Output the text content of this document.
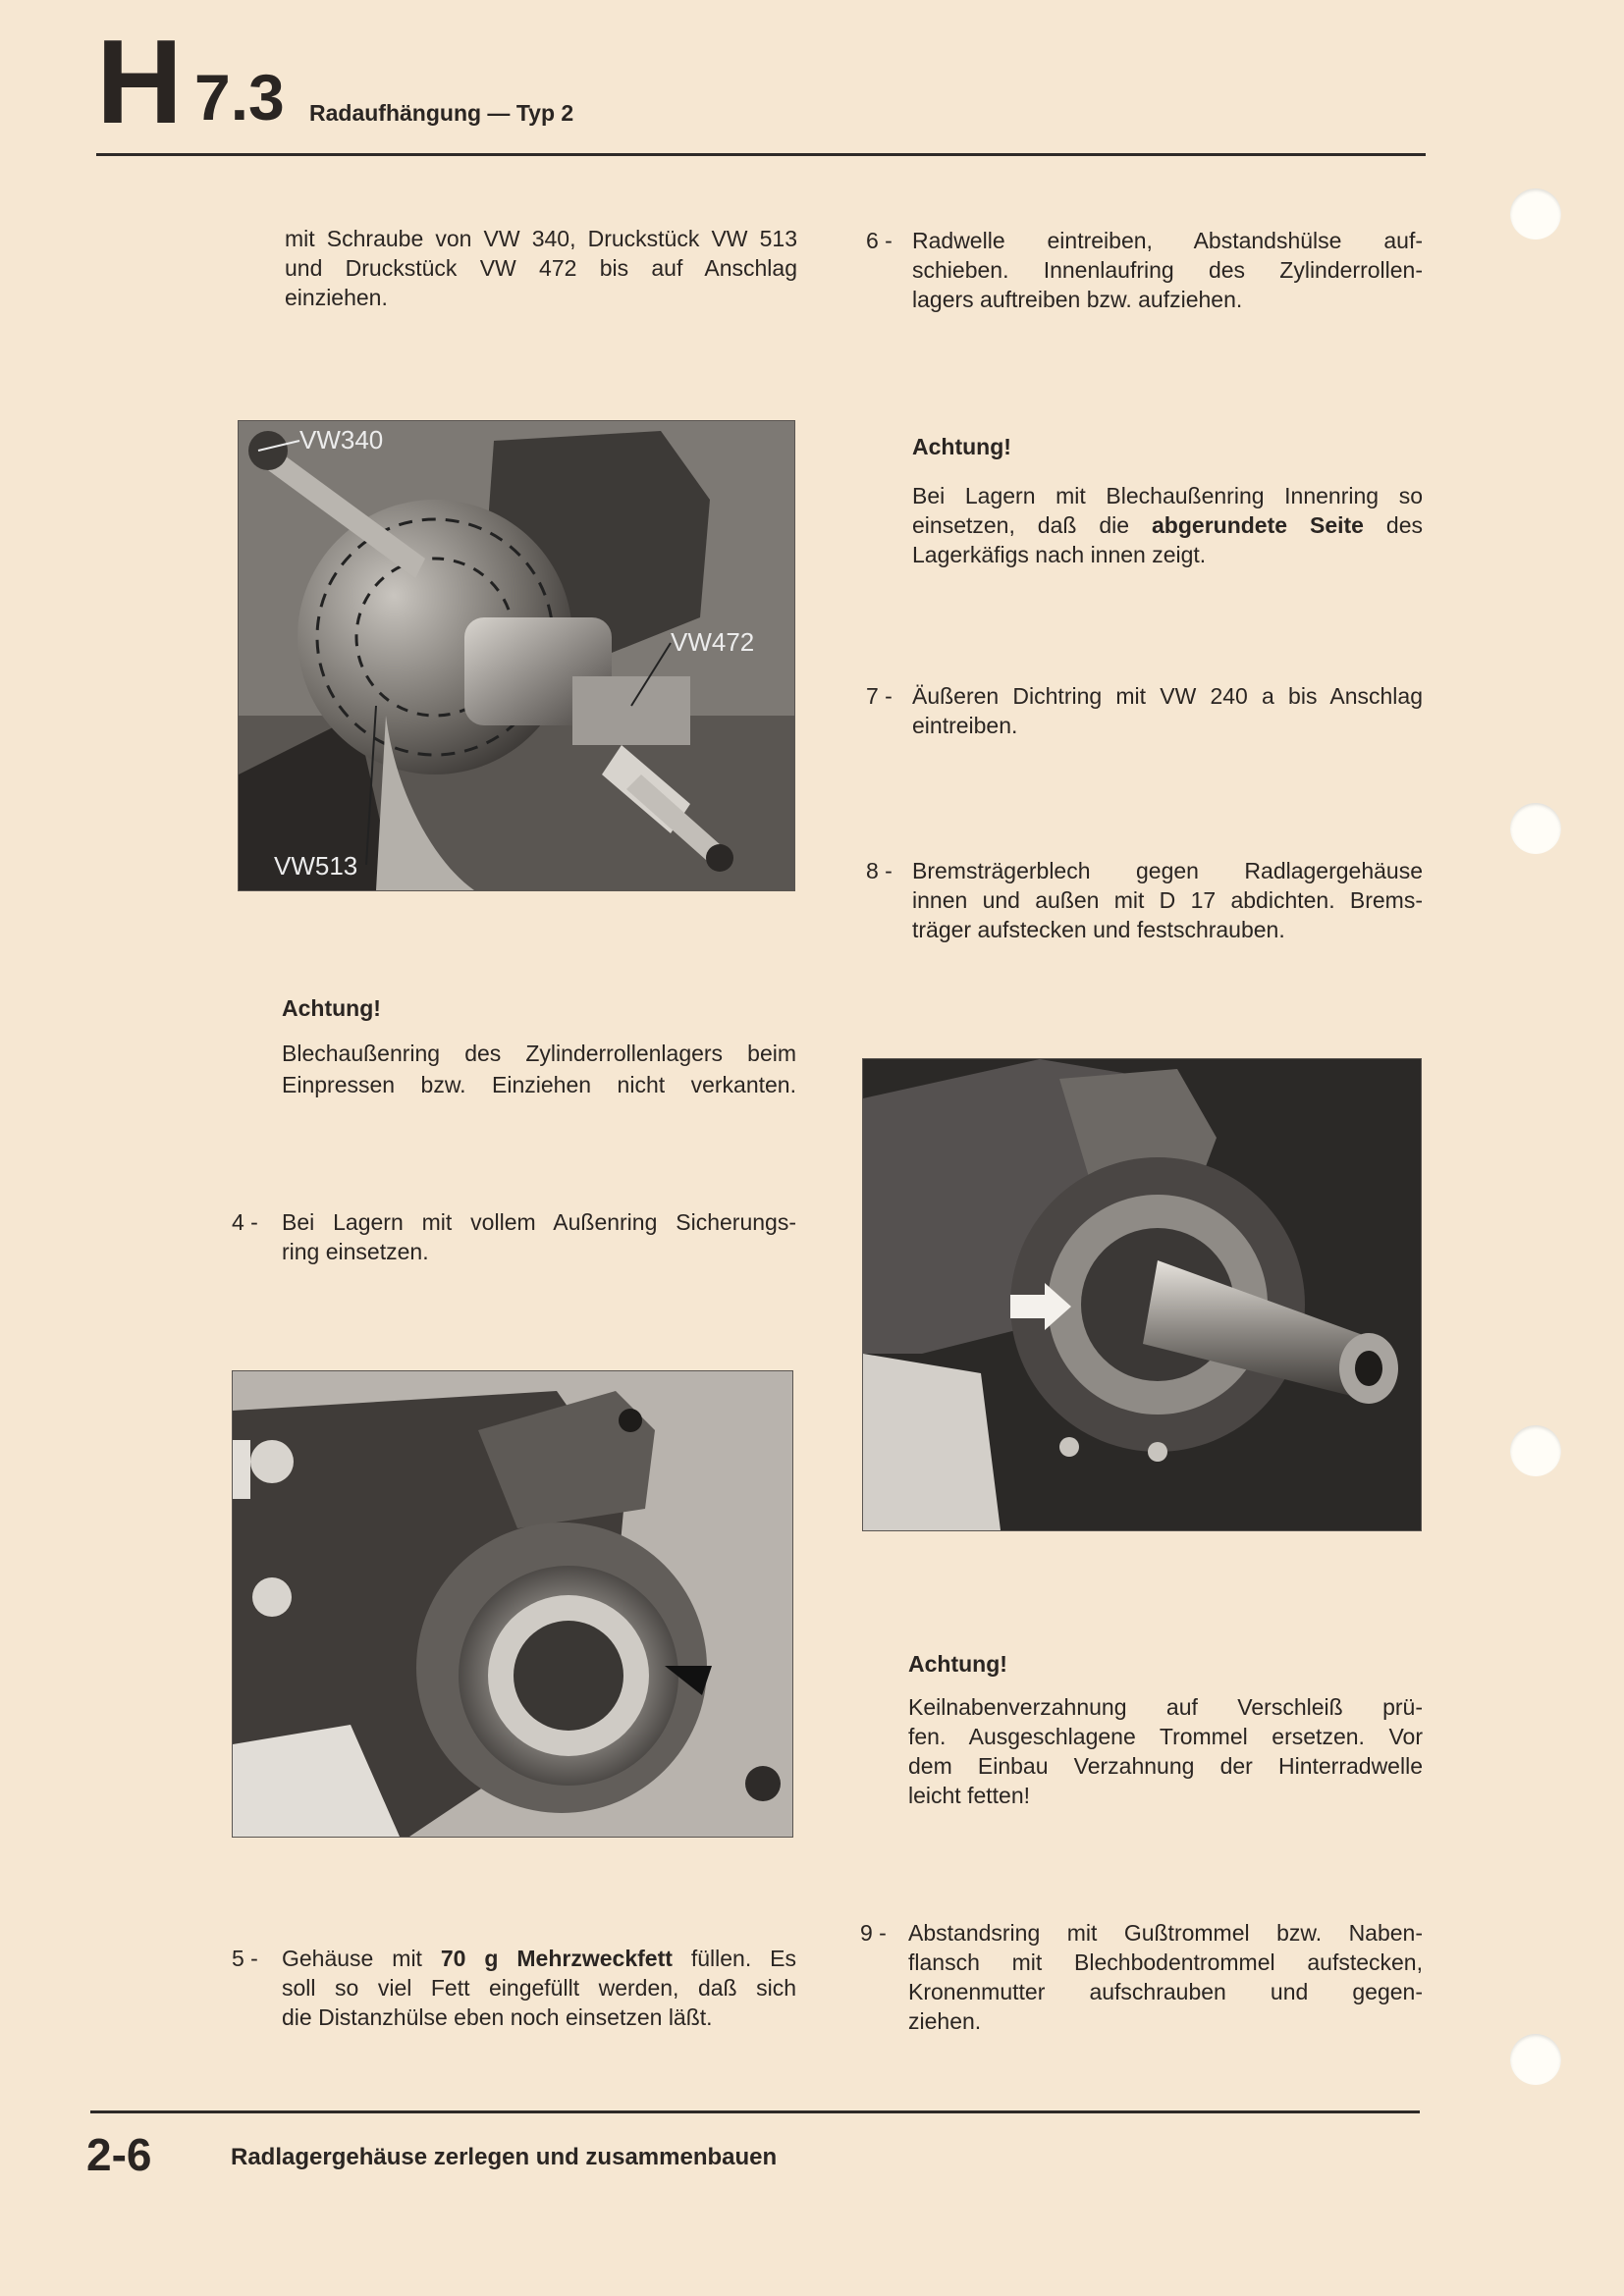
H 7.3 Radaufhängung — Typ 2
mit Schraube von VW 340, Druckstück VW 513
und Druckstück VW 472 bis auf Anschlag
einziehen.
VW340
VW472
VW513
Achtung!
Blechaußenring des Zylinderrollenlagers beim
Einpressen bzw. Einziehen nicht verkanten.
4 -	Bei Lagern mit vollem Außenring Sicherungs-
ring einsetzen.
5 -	Gehäuse mit 70 g Mehrzweckfett füllen. Es
soll so viel Fett eingefüllt werden, daß sich
die Distanzhülse eben noch einsetzen läßt.
6 - Radwelle eintreiben, Abstandshülse auf-
schieben. Innenlaufring des Zylinderrollen-
lagers auftreiben bzw. aufziehen.
Achtung!
Bei Lagern mit Blechaußenring Innenring so
einsetzen, daß die abgerundete Seite des
Lagerkäfigs nach innen zeigt.
7 - Äußeren Dichtring mit VW 240 a bis Anschlag
eintreiben.
8 - Bremsträgerblech gegen Radlagergehäuse
innen und außen mit D 17 abdichten. Brems-
träger aufstecken und festschrauben.
Achtung!
Keilnabenverzahnung auf Verschleiß prü-
fen. Ausgeschlagene Trommel ersetzen. Vor
dem Einbau Verzahnung der Hinterradwelle
leicht fetten!
9 - Abstandsring mit Gußtrommel bzw. Naben-
flansch mit Blechbodentrommel aufstecken,
Kronenmutter aufschrauben und gegen-
ziehen.
2-6	Radlagergehäuse zerlegen und zusammenbauen
